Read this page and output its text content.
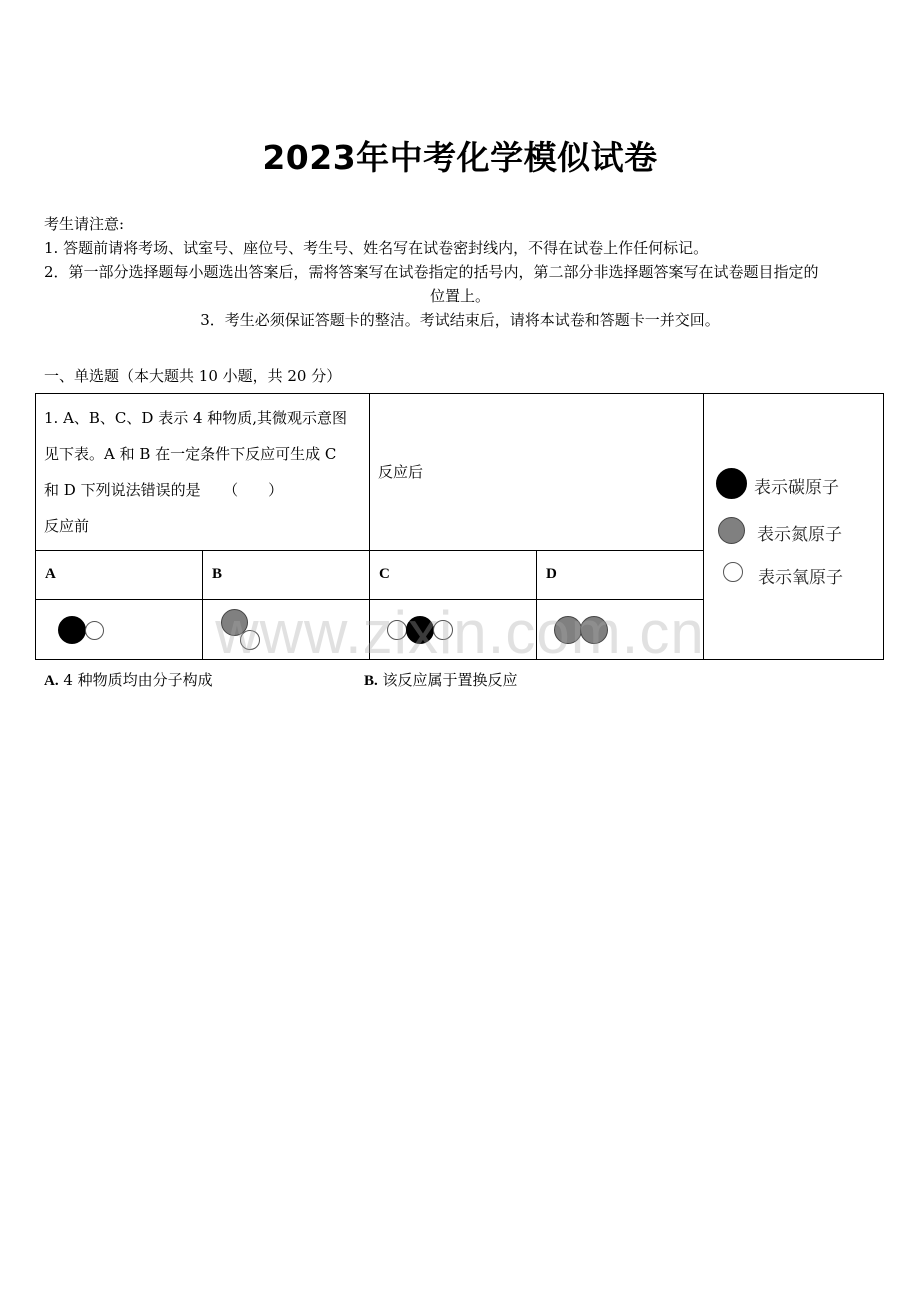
2023年中考化学模似试卷
考生请注意:
1. 答题前请将考场、试室号、座位号、考生号、姓名写在试卷密封线内，不得在试卷上作任何标记。
2．第一部分选择题每小题选出答案后，需将答案写在试卷指定的括号内，第二部分非选择题答案写在试卷题目指定的
位置上。
3．考生必须保证答题卡的整洁。考试结束后，请将本试卷和答题卡一并交回。
一、单选题（本大题共 10 小题，共 20 分）
1. A、B、C、D 表示 4 种物质,其微观示意图
见下表。A 和 B 在一定条件下反应可生成 C
和 D 下列说法错误的是　　（　　）
反应前
反应后
表示碳原子
表示氮原子
表示氧原子
A	B	C	D
www.zixin.com.cn
A. 4 种物质均由分子构成	B. 该反应属于置换反应
